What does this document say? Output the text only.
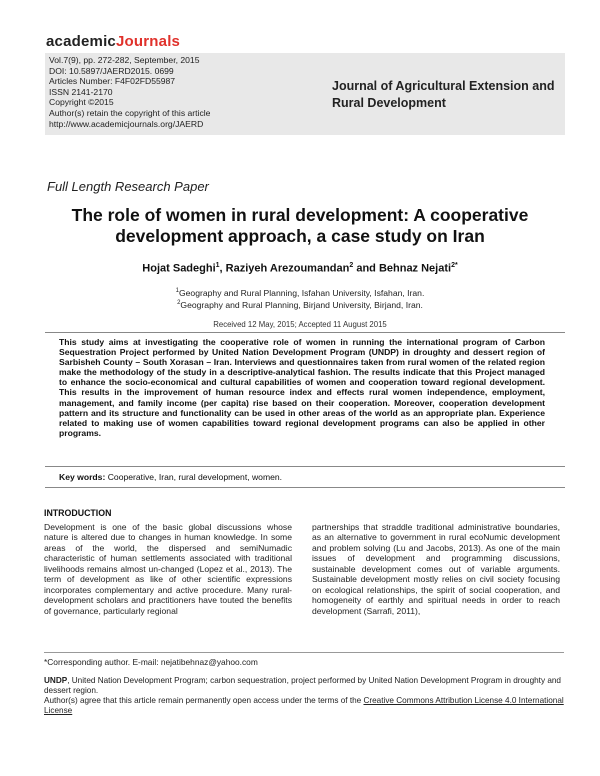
academicJournals
Vol.7(9), pp. 272-282, September, 2015
DOI: 10.5897/JAERD2015. 0699
Articles Number: F4F02FD55987
ISSN 2141-2170
Copyright ©2015
Author(s) retain the copyright of this article
http://www.academicjournals.org/JAERD
Journal of Agricultural Extension and
Rural Development
Full Length Research Paper
The role of women in rural development: A cooperative
development approach, a case study on Iran
Hojat Sadeghi$^1$, Raziyeh Arezoumandan$^2$ and Behnaz Nejati$^{2*}$
$^1$Geography and Rural Planning, Isfahan University, Isfahan, Iran.
$^2$Geography and Rural Planning, Birjand University, Birjand, Iran.
Received 12 May, 2015; Accepted 11 August 2015
This study aims at investigating the cooperative role of women in running the international program of Carbon Sequestration Project performed by United Nation Development Program (UNDP) in droughty and dessert region of Sarbisheh County – South Xorasan – Iran. Interviews and questionnaires taken from rural women of the related region make the methodology of the study in a descriptive-analytical fashion. The results indicate that this Project managed to enhance the socio-economical and cultural capabilities of women and cooperation toward regional development. This results in the improvement of human resource index and effects rural women independence, employment, management, and family income (per capita) rise based on their cooperation. Moreover, cooperation development pattern and its structure and functionality can be used in other areas of the world as an appropriate plan. Experience related to making use of women capabilities toward regional development programs can also be applied in other programs.
Key words: Cooperative, Iran, rural development, women.
INTRODUCTION
Development is one of the basic global discussions whose nature is altered due to changes in human knowledge. In some areas of the world, the dispersed and semiNumadic characteristic of human settlements associated with traditional livelihoods remains almost un-changed (Lopez et al., 2013). The term of development as like of other scientific expressions incorporates complementary and active procedure. Many rural-development scholars and practitioners have touted the benefits of governance, particularly regional
partnerships that straddle traditional administrative boundaries, as an alternative to government in rural ecoNumic development and problem solving (Lu and Jacobs, 2013). As one of the main issues of development and programming discussions, sustainable development comes out of variable arguments. Sustainable development mostly relies on civil society focusing on ecological relationships, the spirit of social cooperation, and homogeneity of earthly and spiritual needs in order to reach development (Sarrafi, 2011),
*Corresponding author. E-mail: nejatibehnaz@yahoo.com
UNDP, United Nation Development Program; carbon sequestration, project performed by United Nation Development Program in droughty and dessert region.
Author(s) agree that this article remain permanently open access under the terms of the Creative Commons Attribution License 4.0 International License
